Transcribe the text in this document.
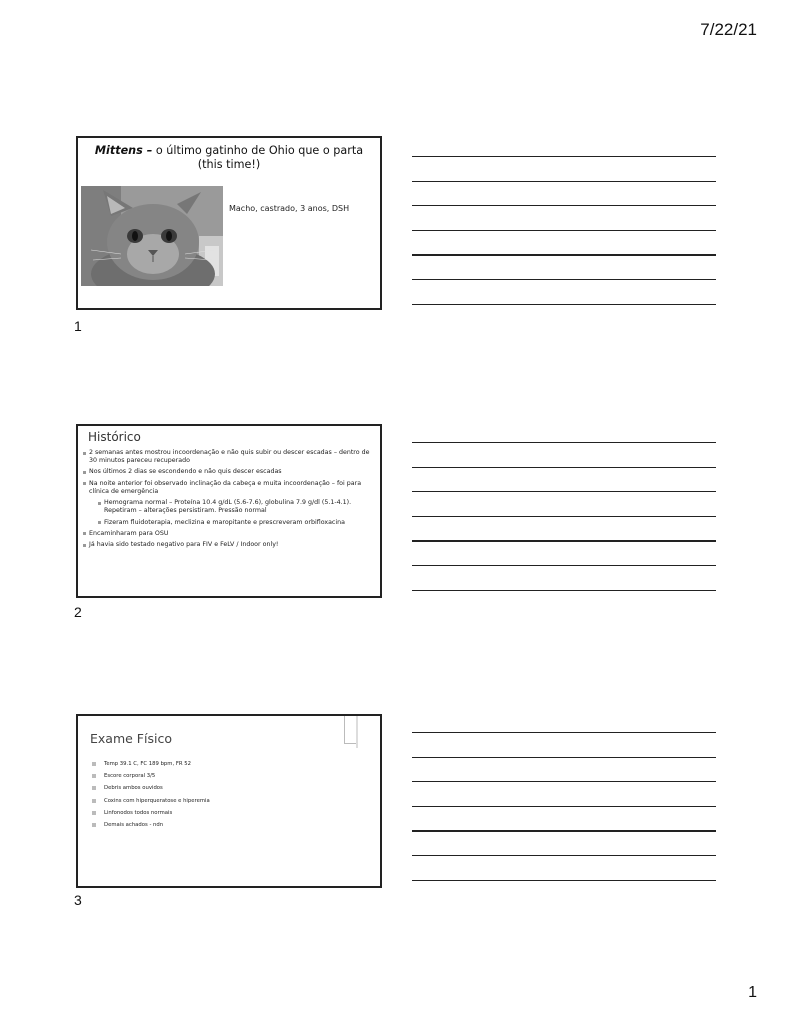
7/22/21
Mittens – o último gatinho de Ohio que o parta (this time!)
Macho, castrado, 3 anos, DSH
1
Histórico
2 semanas antes mostrou incoordenação e não quis subir ou descer escadas – dentro de 30 minutos pareceu recuperado
Nos últimos 2 dias se escondendo e não quis descer escadas
Na noite anterior foi observado inclinação da cabeça e muita incoordenação – foi para clínica de emergência
Hemograma normal – Proteína 10.4 g/dL (5.6-7.6), globulina 7.9 g/dl (5.1-4.1). Repetiram – alterações persistiram. Pressão normal
Fizeram fluidoterapia, meclizina e maropitante e prescreveram orbifloxacina
Encaminharam para OSU
Já havia sido testado negativo para FIV e FeLV / Indoor only!
2
Exame Físico
Temp 39.1 C, FC 189 bpm, FR 52
Escore corporal 3/5
Debris ambos ouvidos
Coxins com hiperqueratose e hiperemia
Linfonodos todos normais
Demais achados - ndn
3
1
